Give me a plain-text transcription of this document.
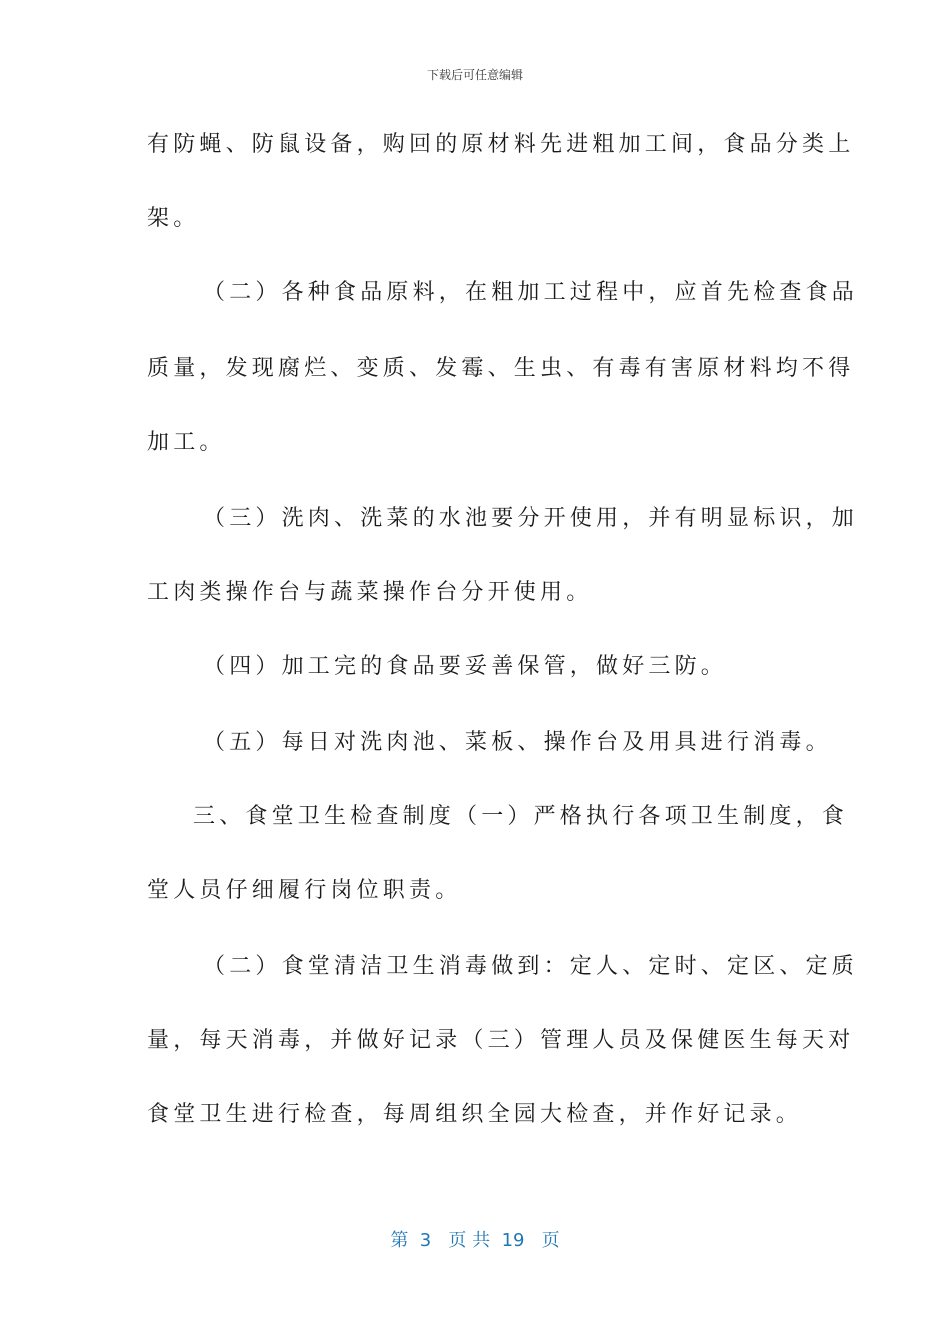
下载后可任意编辑
有防蝇、防鼠设备，购回的原材料先进粗加工间，食品分类上
架。
（二）各种食品原料，在粗加工过程中，应首先检查食品
质量，发现腐烂、变质、发霉、生虫、有毒有害原材料均不得
加工。
（三）洗肉、洗菜的水池要分开使用，并有明显标识，加
工肉类操作台与蔬菜操作台分开使用。
（四）加工完的食品要妥善保管，做好三防。
（五）每日对洗肉池、菜板、操作台及用具进行消毒。
三、食堂卫生检查制度（一）严格执行各项卫生制度，食
堂人员仔细履行岗位职责。
（二）食堂清洁卫生消毒做到：定人、定时、定区、定质
量，每天消毒，并做好记录（三）管理人员及保健医生每天对
食堂卫生进行检查，每周组织全园大检查，并作好记录。
第  3   页 共  19   页
